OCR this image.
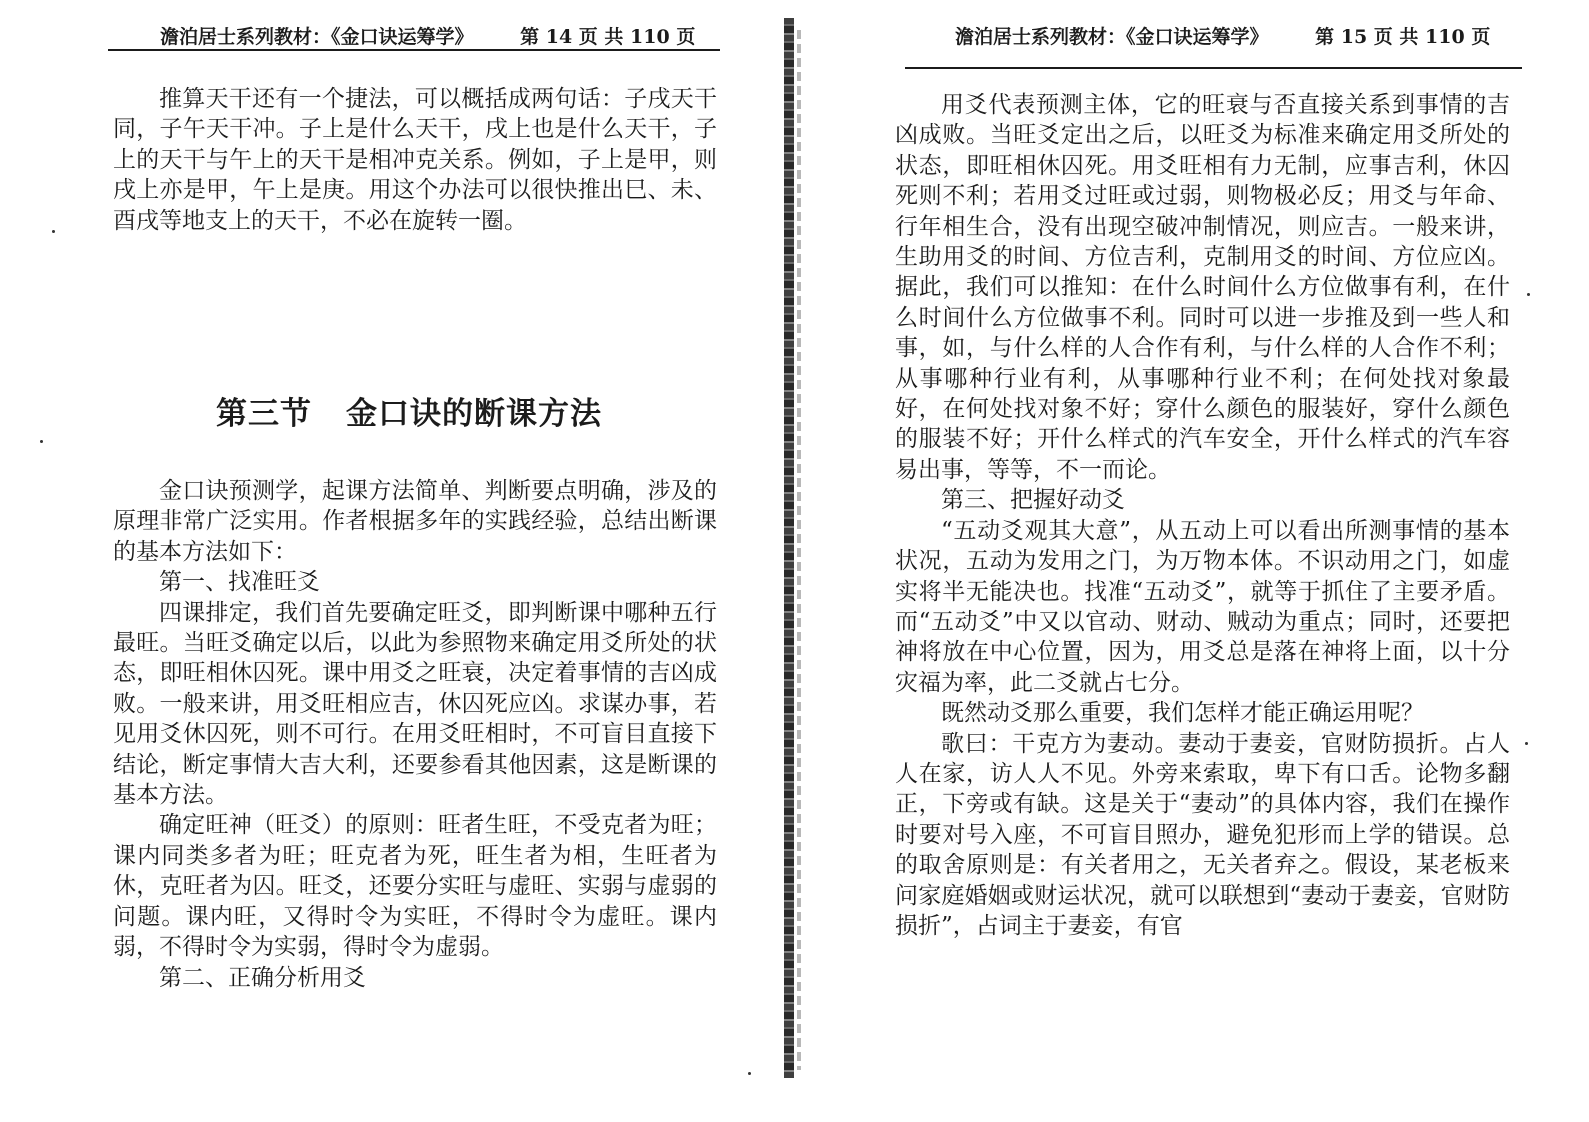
澹泊居士系列教材：《金口诀运筹学》 第 14 页 共 110 页

推算天干还有一个捷法，可以概括成两句话：子戌天干同，子午天干冲。子上是什么天干，戌上也是什么天干，子上的天干与午上的天干是相冲克关系。例如，子上是甲，则戌上亦是甲，午上是庚。用这个办法可以很快推出巳、未、酉戌等地支上的天干，不必在旋转一圈。

第三节 金口诀的断课方法

金口诀预测学，起课方法简单、判断要点明确，涉及的原理非常广泛实用。作者根据多年的实践经验，总结出断课的基本方法如下：

第一、找准旺爻

四课排定，我们首先要确定旺爻，即判断课中哪种五行最旺。当旺爻确定以后，以此为参照物来确定用爻所处的状态，即旺相休囚死。课中用爻之旺衰，决定着事情的吉凶成败。一般来讲，用爻旺相应吉，休囚死应凶。求谋办事，若见用爻休囚死，则不可行。在用爻旺相时，不可盲目直接下结论，断定事情大吉大利，还要参看其他因素，这是断课的基本方法。

确定旺神（旺爻）的原则：旺者生旺，不受克者为旺；课内同类多者为旺；旺克者为死，旺生者为相，生旺者为休，克旺者为囚。旺爻，还要分实旺与虚旺、实弱与虚弱的问题。课内旺，又得时令为实旺，不得时令为虚旺。课内弱，不得时令为实弱，得时令为虚弱。

第二、正确分析用爻

澹泊居士系列教材：《金口诀运筹学》 第 15 页 共 110 页

用爻代表预测主体，它的旺衰与否直接关系到事情的吉凶成败。当旺爻定出之后，以旺爻为标准来确定用爻所处的状态，即旺相休囚死。用爻旺相有力无制，应事吉利，休囚死则不利；若用爻过旺或过弱，则物极必反；用爻与年命、行年相生合，没有出现空破冲制情况，则应吉。一般来讲，生助用爻的时间、方位吉利，克制用爻的时间、方位应凶。据此，我们可以推知：在什么时间什么方位做事有利，在什么时间什么方位做事不利。同时可以进一步推及到一些人和事，如，与什么样的人合作有利，与什么样的人合作不利；从事哪种行业有利，从事哪种行业不利；在何处找对象最好，在何处找对象不好；穿什么颜色的服装好，穿什么颜色的服装不好；开什么样式的汽车安全，开什么样式的汽车容易出事，等等，不一而论。

第三、把握好动爻

“五动爻观其大意”，从五动上可以看出所测事情的基本状况，五动为发用之门，为万物本体。不识动用之门，如虚实将半无能决也。找准“五动爻”，就等于抓住了主要矛盾。而“五动爻”中又以官动、财动、贼动为重点；同时，还要把神将放在中心位置，因为，用爻总是落在神将上面，以十分灾福为率，此二爻就占七分。

既然动爻那么重要，我们怎样才能正确运用呢？

歌曰：干克方为妻动。妻动于妻妾，官财防损折。占人人在家，访人人不见。外旁来索取，卑下有口舌。论物多翻正，下旁或有缺。这是关于“妻动”的具体内容，我们在操作时要对号入座，不可盲目照办，避免犯形而上学的错误。总的取舍原则是：有关者用之，无关者弃之。假设，某老板来问家庭婚姻或财运状况，就可以联想到“妻动于妻妾，官财防损折”，占词主于妻妾，有官
